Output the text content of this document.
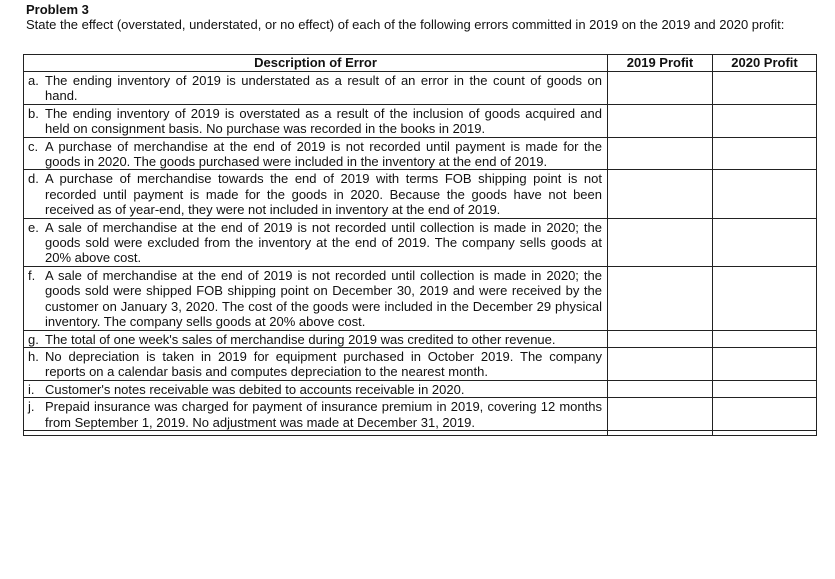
Problem 3
State the effect (overstated, understated, or no effect) of each of the following errors committed in 2019 on the 2019 and 2020 profit:
Description of Error	2019 Profit	2020 Profit

a. The ending inventory of 2019 is understated as a result of an error in the count of goods on hand.		

b. The ending inventory of 2019 is overstated as a result of the inclusion of goods acquired and held on consignment basis. No purchase was recorded in the books in 2019.		

c. A purchase of merchandise at the end of 2019 is not recorded until payment is made for the goods in 2020. The goods purchased were included in the inventory at the end of 2019.		

d. A purchase of merchandise towards the end of 2019 with terms FOB shipping point is not recorded until payment is made for the goods in 2020. Because the goods have not been received as of year-end, they were not included in inventory at the end of 2019.		

e. A sale of merchandise at the end of 2019 is not recorded until collection is made in 2020; the goods sold were excluded from the inventory at the end of 2019. The company sells goods at 20% above cost.		

f. A sale of merchandise at the end of 2019 is not recorded until collection is made in 2020; the goods sold were shipped FOB shipping point on December 30, 2019 and were received by the customer on January 3, 2020. The cost of the goods were included in the December 29 physical inventory. The company sells goods at 20% above cost.		

g. The total of one week's sales of merchandise during 2019 was credited to other revenue.		

h. No depreciation is taken in 2019 for equipment purchased in October 2019. The company reports on a calendar basis and computes depreciation to the nearest month.		

i. Customer's notes receivable was debited to accounts receivable in 2020.		

j. Prepaid insurance was charged for payment of insurance premium in 2019, covering 12 months from September 1, 2019. No adjustment was made at December 31, 2019.		
